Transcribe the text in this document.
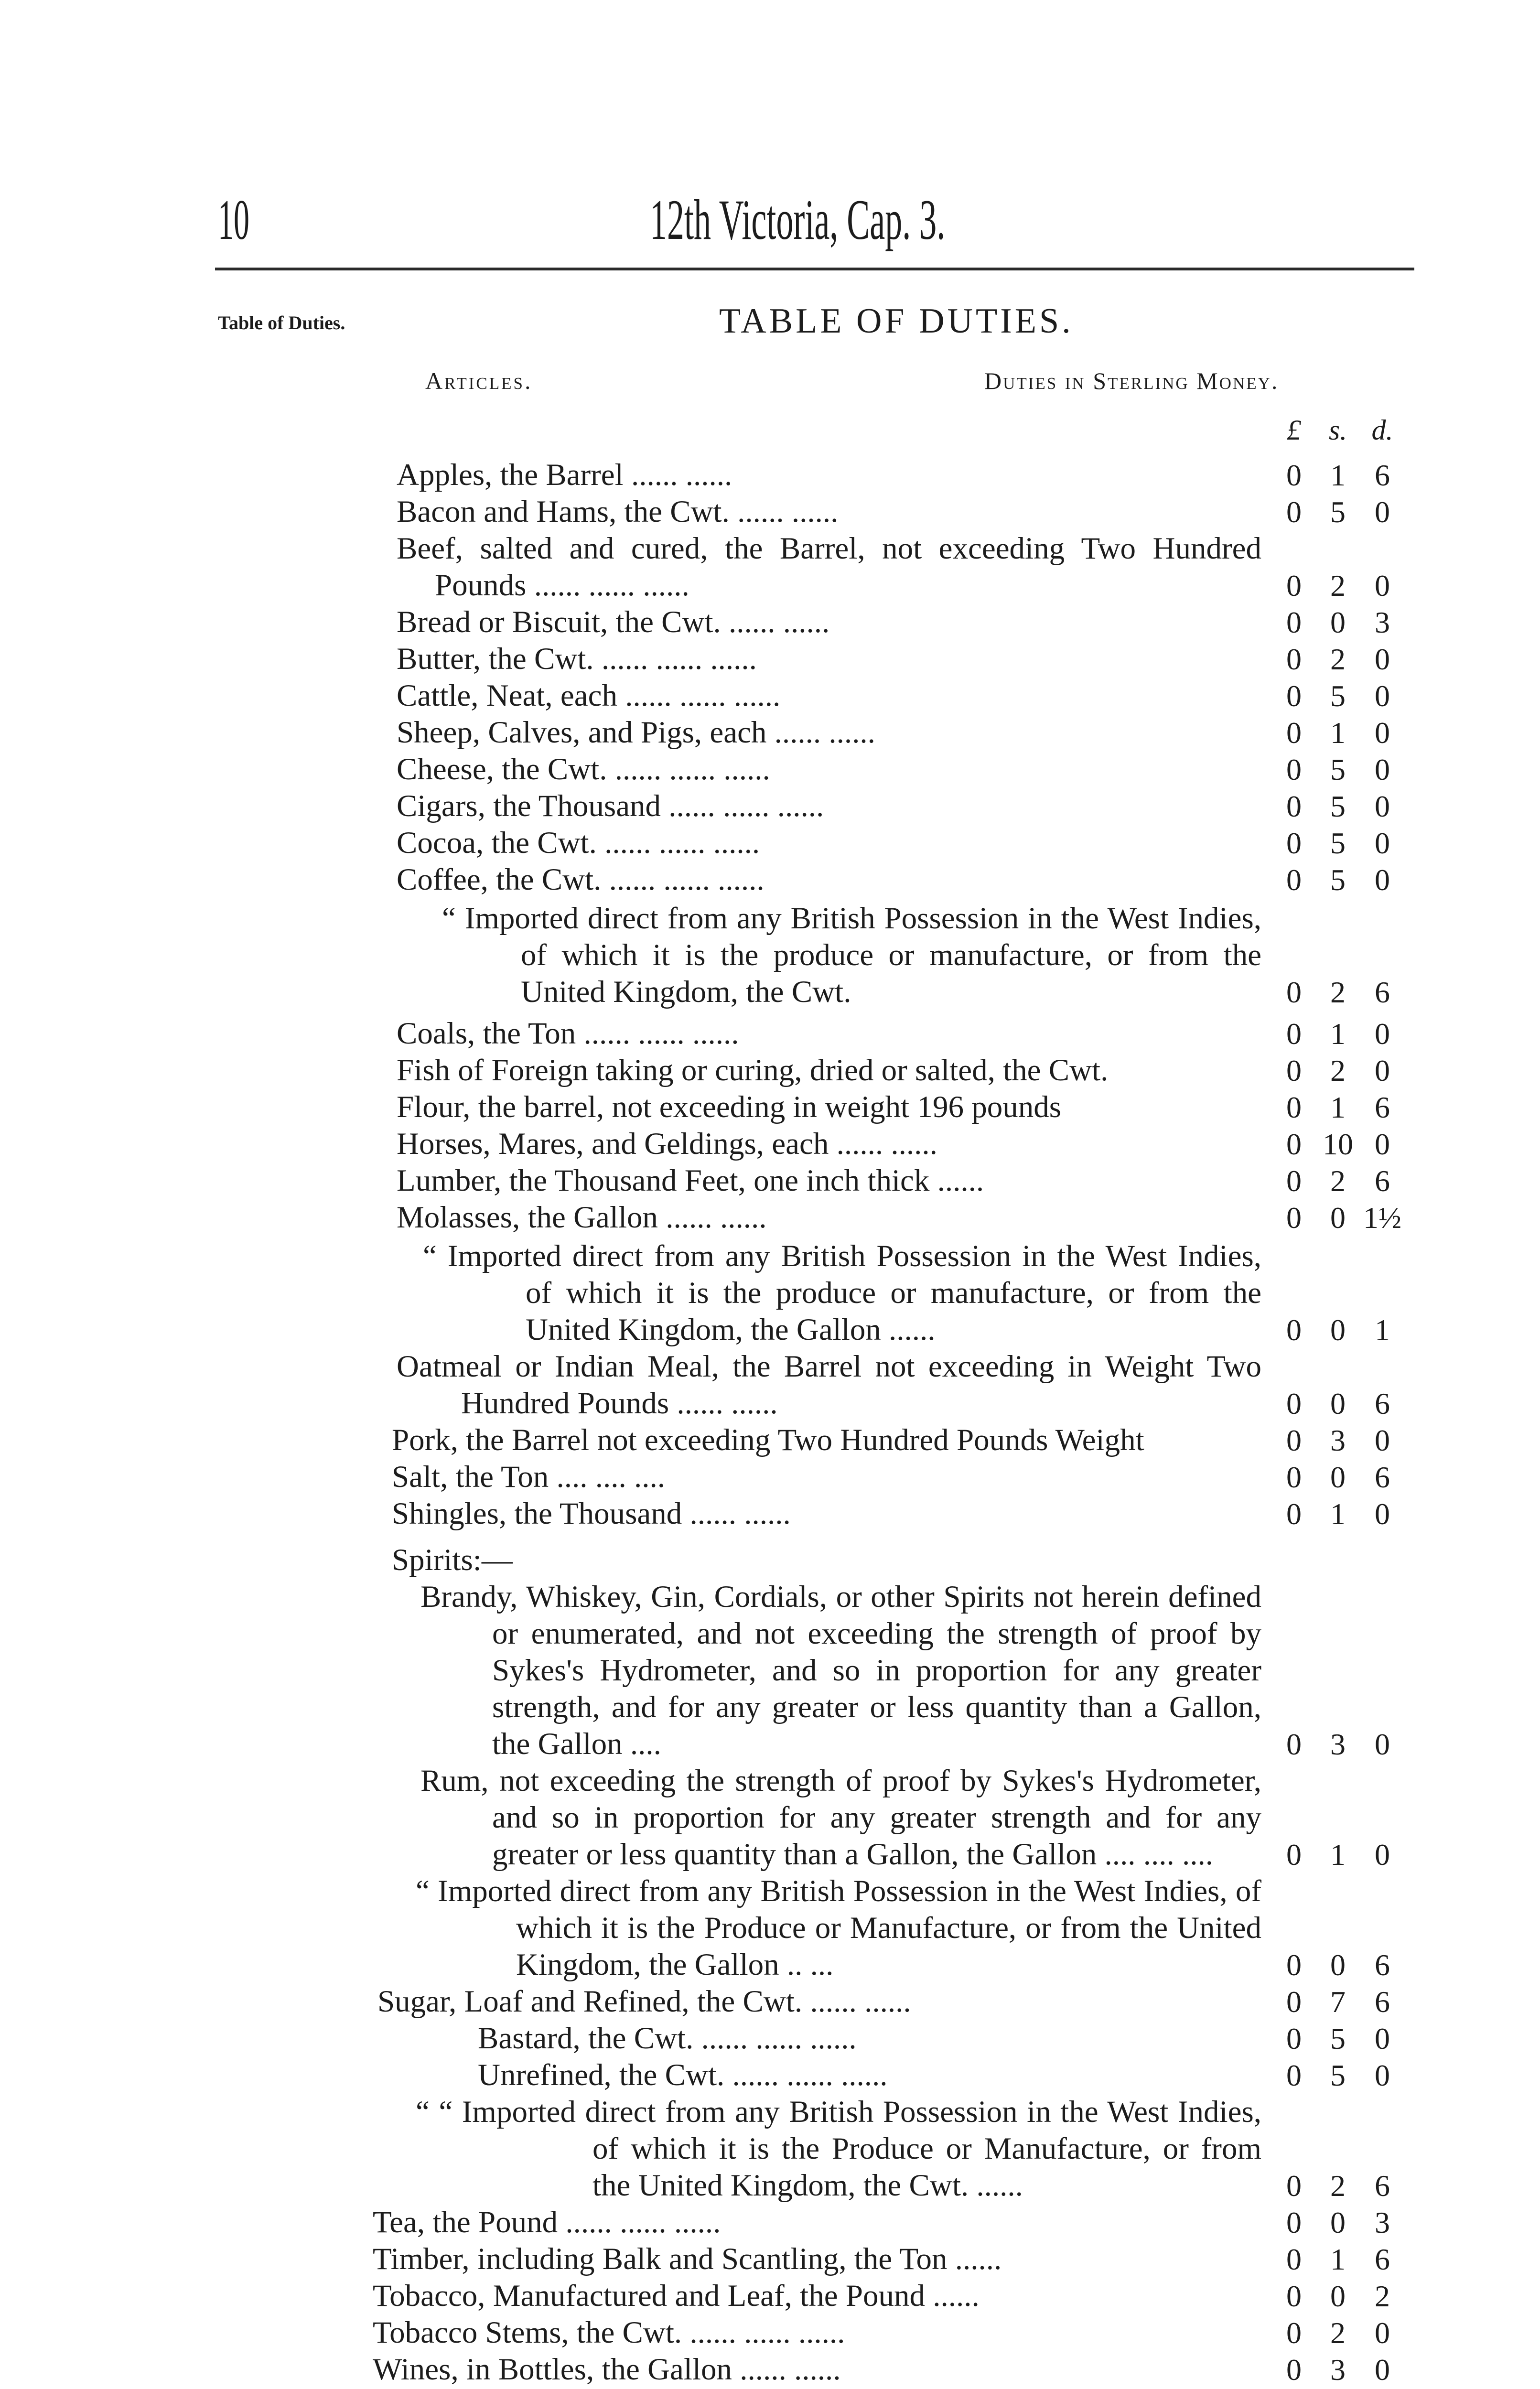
10	12th Victoria, Cap. 3.
Table of Duties.	TABLE OF DUTIES.
Articles.	Duties in Sterling Money.
£ s. d.

Apples, the Barrel ...... ......	0 1 6

Bacon and Hams, the Cwt. ...... ......	0 5 0

Beef, salted and cured, the Barrel, not exceeding Two Hundred Pounds ...... ...... ......	0 2 0

Bread or Biscuit, the Cwt. ...... ......	0 0 3

Butter, the Cwt. ...... ...... ......	0 2 0

Cattle, Neat, each ...... ...... ......	0 5 0

Sheep, Calves, and Pigs, each ...... ......	0 1 0

Cheese, the Cwt. ...... ...... ......	0 5 0

Cigars, the Thousand ...... ...... ......	0 5 0

Cocoa, the Cwt. ...... ...... ......	0 5 0

Coffee, the Cwt. ...... ...... ......	0 5 0

“ Imported direct from any British Possession in the West Indies, of which it is the produce or manufacture, or from the United Kingdom, the Cwt.	0 2 6

Coals, the Ton ...... ...... ......	0 1 0

Fish of Foreign taking or curing, dried or salted, the Cwt.	0 2 0

Flour, the barrel, not exceeding in weight 196 pounds	0 1 6

Horses, Mares, and Geldings, each ...... ......	0 10 0

Lumber, the Thousand Feet, one inch thick ......	0 2 6

Molasses, the Gallon ...... ......	0 0 1½

“ Imported direct from any British Possession in the West Indies, of which it is the produce or manufacture, or from the United Kingdom, the Gallon ......	0 0 1

Oatmeal or Indian Meal, the Barrel not exceeding in Weight Two Hundred Pounds ...... ......	0 0 6

Pork, the Barrel not exceeding Two Hundred Pounds Weight	0 3 0

Salt, the Ton .... .... ....	0 0 6

Shingles, the Thousand ...... ......	0 1 0

Spirits:—

Brandy, Whiskey, Gin, Cordials, or other Spirits not herein defined or enumerated, and not exceeding the strength of proof by Sykes's Hydrometer, and so in proportion for any greater strength, and for any greater or less quantity than a Gallon, the Gallon ....	0 3 0

Rum, not exceeding the strength of proof by Sykes's Hydrometer, and so in proportion for any greater strength and for any greater or less quantity than a Gallon, the Gallon .... .... ....	0 1 0

“ Imported direct from any British Possession in the West Indies, of which it is the Produce or Manufacture, or from the United Kingdom, the Gallon .. ...	0 0 6

Sugar, Loaf and Refined, the Cwt. ...... ......	0 7 6

Bastard, the Cwt. ...... ...... ......	0 5 0

Unrefined, the Cwt. ...... ...... ......	0 5 0

“ “ Imported direct from any British Possession in the West Indies, of which it is the Produce or Manufacture, or from the United Kingdom, the Cwt. ......	0 2 6

Tea, the Pound ...... ...... ......	0 0 3

Timber, including Balk and Scantling, the Ton ......	0 1 6

Tobacco, Manufactured and Leaf, the Pound ......	0 0 2

Tobacco Stems, the Cwt. ...... ...... ......	0 2 0

Wines, in Bottles, the Gallon ...... ......	0 3 0
